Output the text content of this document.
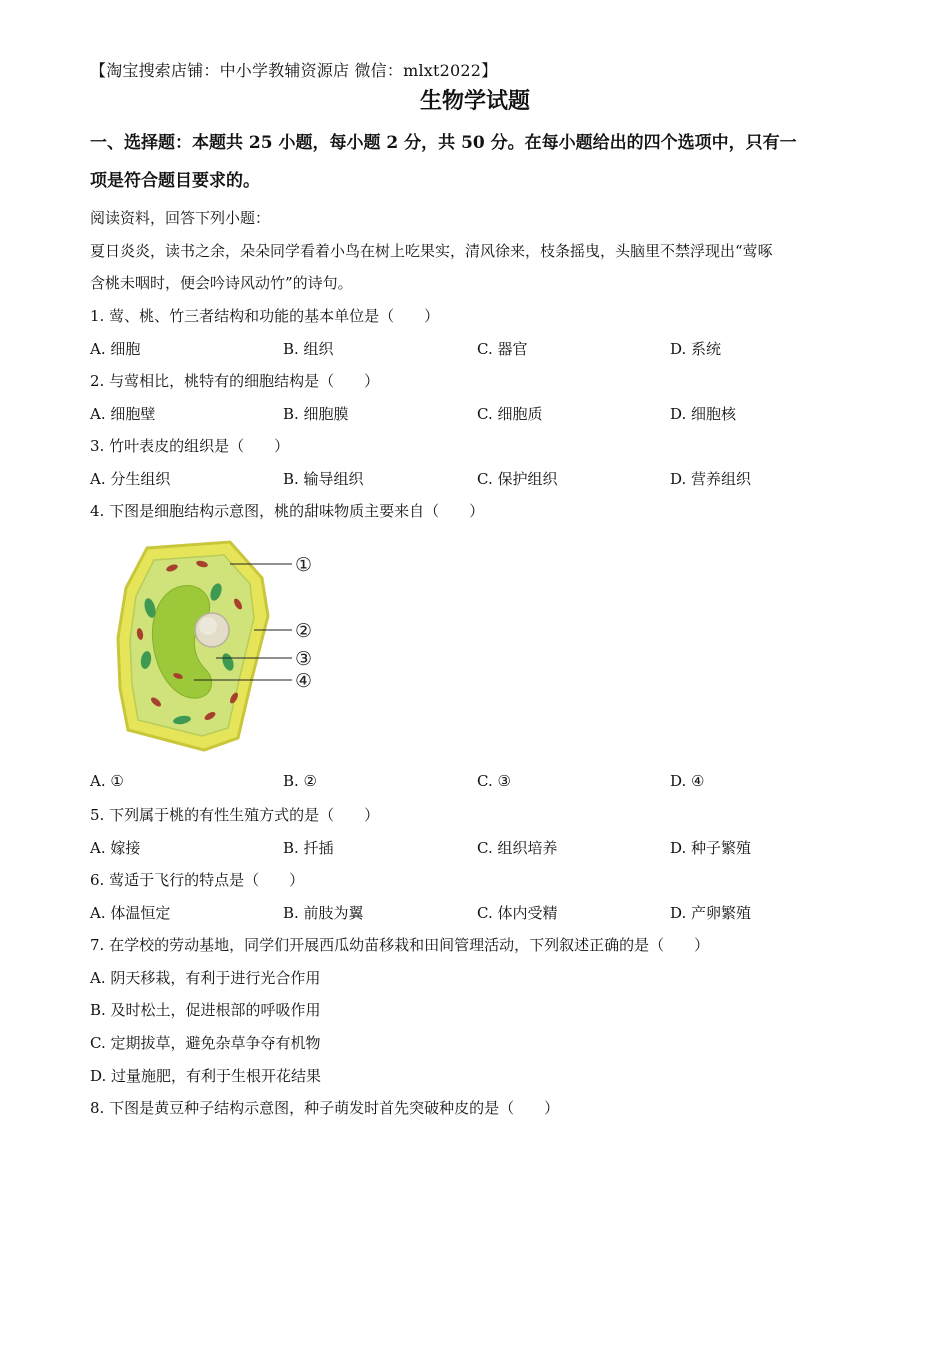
【淘宝搜索店铺：中小学教辅资源店 微信：mlxt2022】
生物学试题
一、选择题：本题共 25 小题，每小题 2 分，共 50 分。在每小题给出的四个选项中，只有一
项是符合题目要求的。
阅读资料，回答下列小题：
夏日炎炎，读书之余，朵朵同学看着小鸟在树上吃果实，清风徐来，枝条摇曳，头脑里不禁浮现出“莺啄
含桃未咽时，便会吟诗风动竹”的诗句。
1. 莺、桃、竹三者结构和功能的基本单位是（　　）
A. 细胞	B. 组织	C. 器官	D. 系统
2. 与莺相比，桃特有的细胞结构是（　　）
A. 细胞壁	B. 细胞膜	C. 细胞质	D. 细胞核
3. 竹叶表皮的组织是（　　）
A. 分生组织	B. 输导组织	C. 保护组织	D. 营养组织
4. 下图是细胞结构示意图，桃的甜味物质主要来自（　　）
①
②
③
④
A. ①	B. ②	C. ③	D. ④
5. 下列属于桃的有性生殖方式的是（　　）
A. 嫁接	B. 扦插	C. 组织培养	D. 种子繁殖
6. 莺适于飞行的特点是（　　）
A. 体温恒定	B. 前肢为翼	C. 体内受精	D. 产卵繁殖
7. 在学校的劳动基地，同学们开展西瓜幼苗移栽和田间管理活动，下列叙述正确的是（　　）
A. 阴天移栽，有利于进行光合作用
B. 及时松土，促进根部的呼吸作用
C. 定期拔草，避免杂草争夺有机物
D. 过量施肥，有利于生根开花结果
8. 下图是黄豆种子结构示意图，种子萌发时首先突破种皮的是（　　）
